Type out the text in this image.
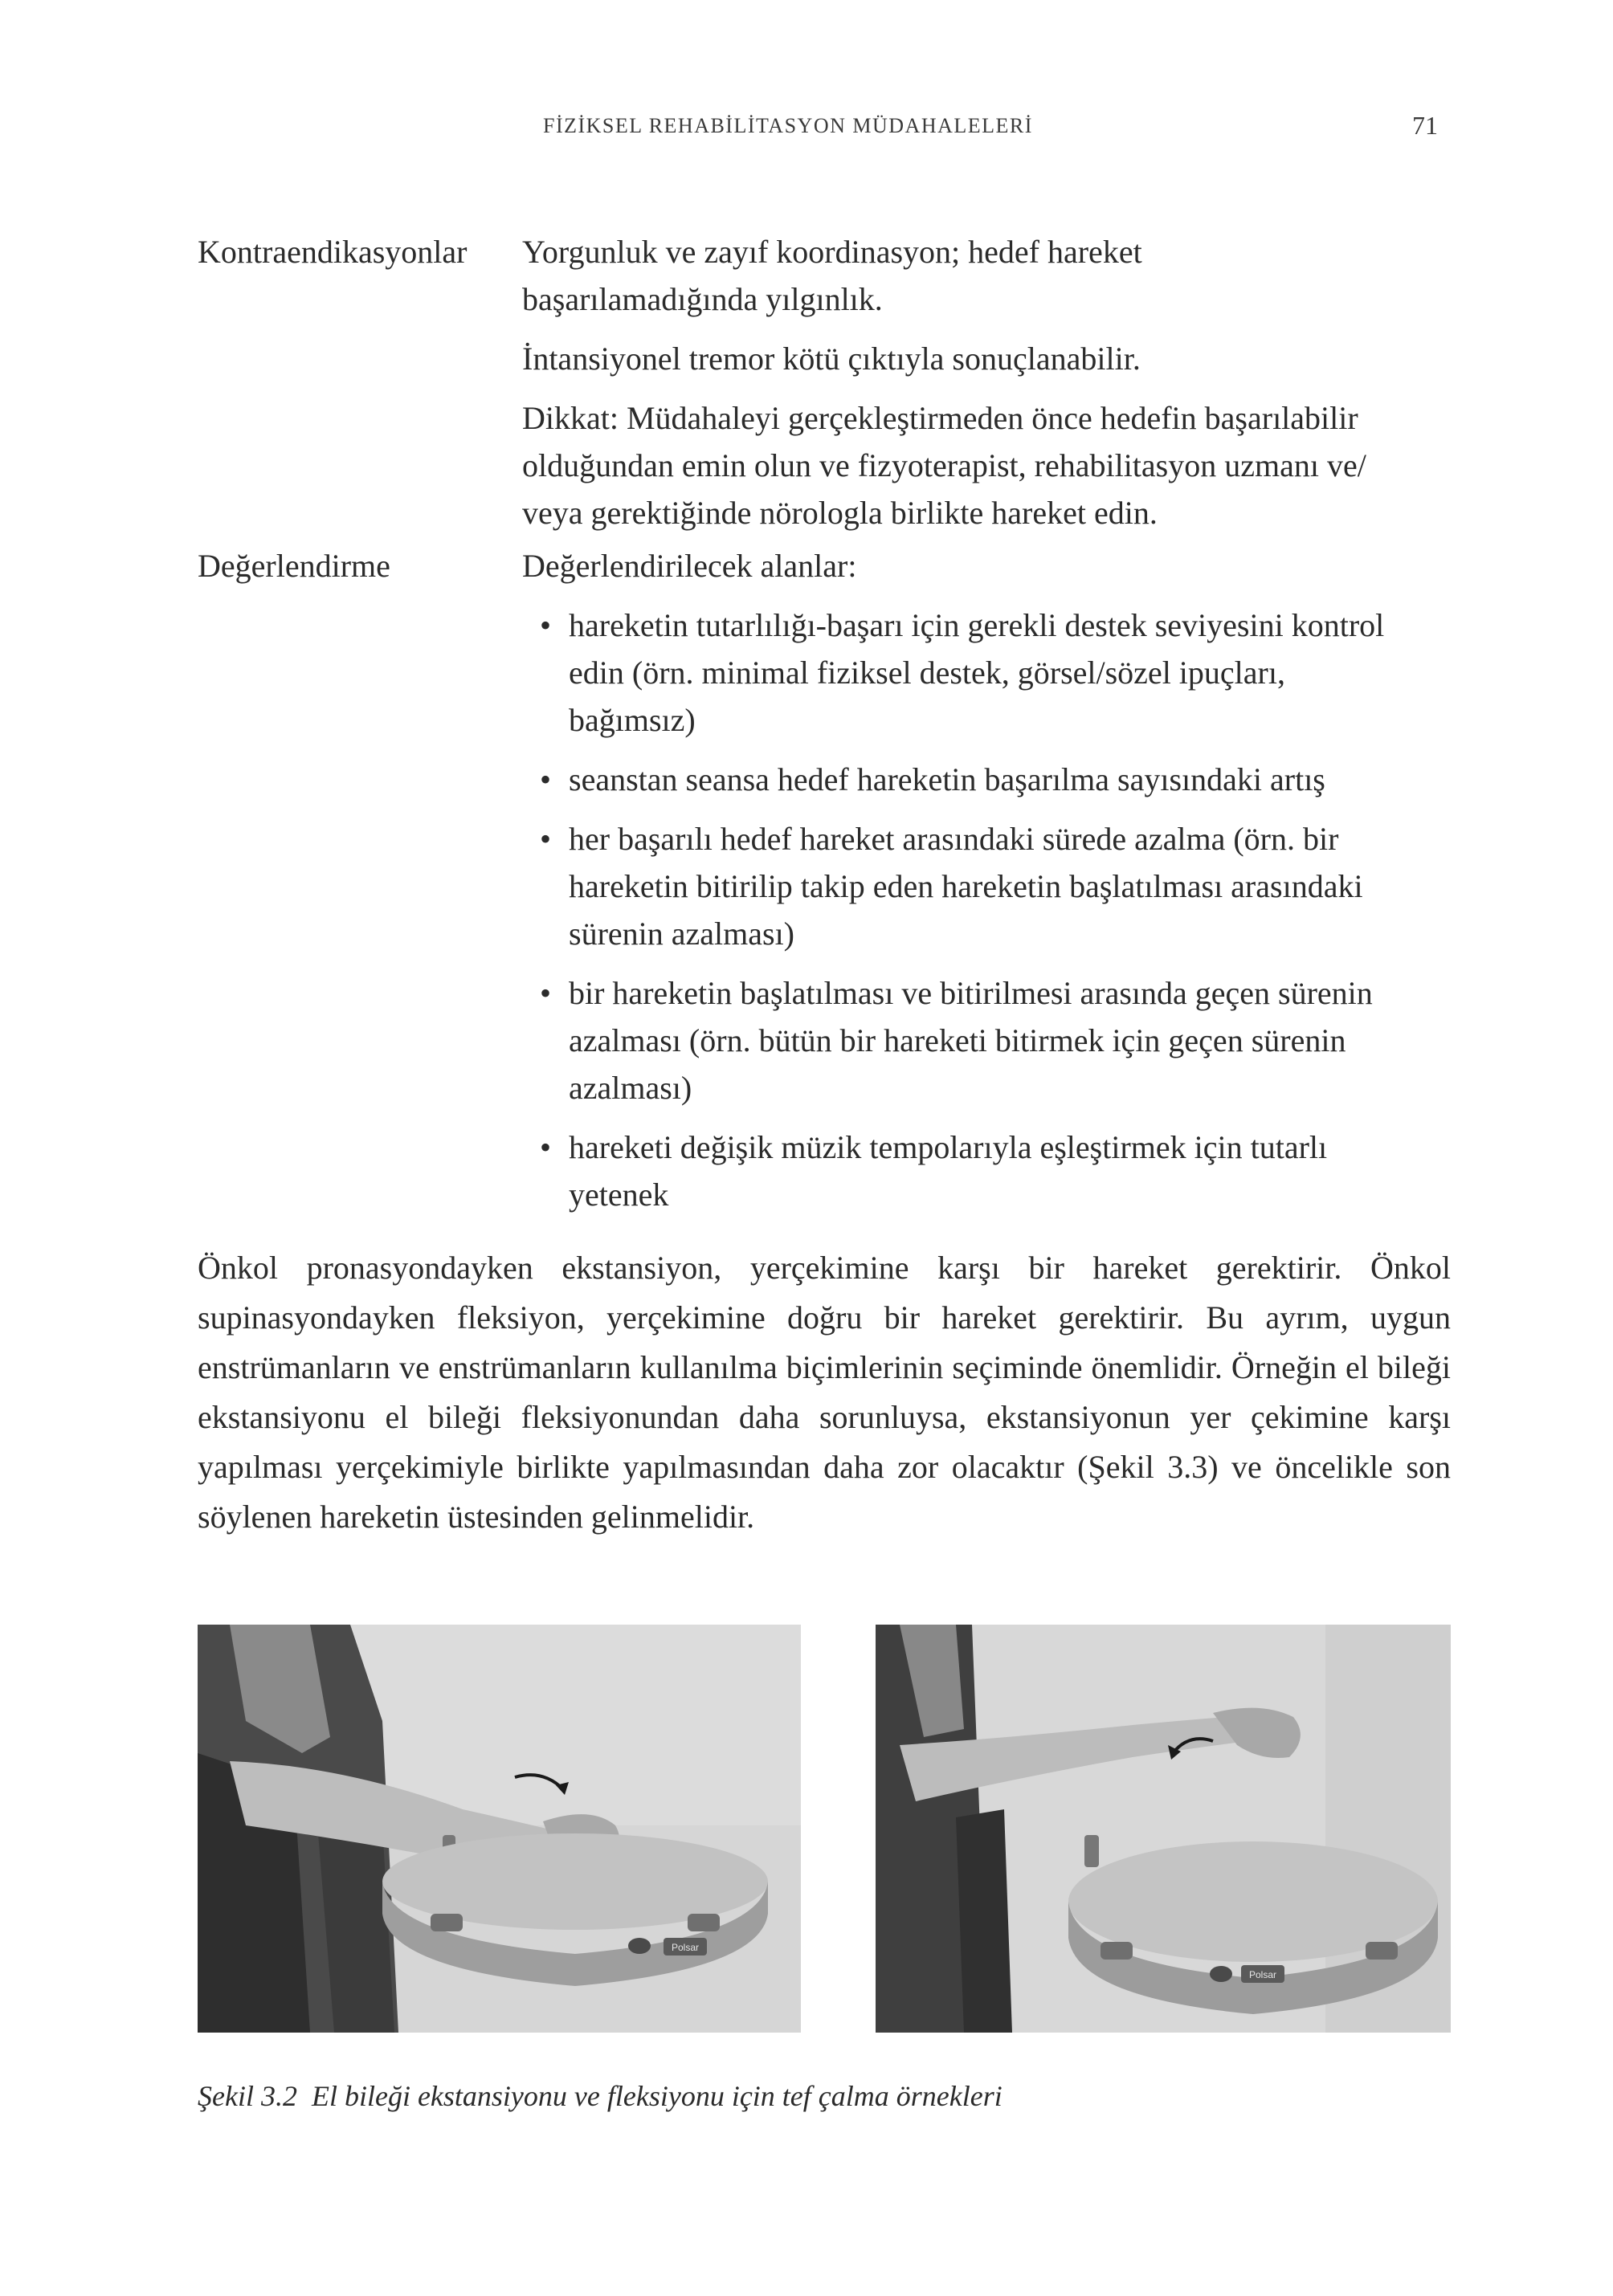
FİZİKSEL REHABİLİTASYON MÜDAHALELERİ	71
Kontraendikasyonlar Yorgunluk ve zayıf koordinasyon; hedef hareket
başarılamadığında yılgınlık.

İntansiyonel tremor kötü çıktıyla sonuçlanabilir.

Dikkat: Müdahaleyi gerçekleştirmeden önce hedefin başarılabilir
olduğundan emin olun ve fizyoterapist, rehabilitasyon uzmanı ve/
veya gerektiğinde nörologla birlikte hareket edin.

Değerlendirme	Değerlendirilecek alanlar:

• hareketin tutarlılığı-başarı için gerekli destek seviyesini kontrol
edin (örn. minimal fiziksel destek, görsel/sözel ipuçları,
bağımsız)
• seanstan seansa hedef hareketin başarılma sayısındaki artış
• her başarılı hedef hareket arasındaki sürede azalma (örn. bir
hareketin bitirilip takip eden hareketin başlatılması arasındaki
sürenin azalması)
• bir hareketin başlatılması ve bitirilmesi arasında geçen sürenin
azalması (örn. bütün bir hareketi bitirmek için geçen sürenin
azalması)
• hareketi değişik müzik tempolarıyla eşleştirmek için tutarlı
yetenek

Önkol pronasyondayken ekstansiyon, yerçekimine karşı bir hareket gerektirir. Önkol supinasyondayken fleksiyon, yerçekimine doğru bir hareket gerektirir. Bu ayrım, uygun enstrümanların ve enstrümanların kullanılma biçimlerinin seçiminde önemlidir. Örneğin el bileği ekstansiyonu el bileği fleksiyonundan daha sorunluysa, ekstansiyonun yer çekimine karşı yapılması yerçekimiyle birlikte yapılmasından daha zor olacaktır (Şekil 3.3) ve öncelikle son söylenen hareketin üstesinden gelinmelidir.

Polsar
Polsar
Şekil 3.2 El bileği ekstansiyonu ve fleksiyonu için tef çalma örnekleri
